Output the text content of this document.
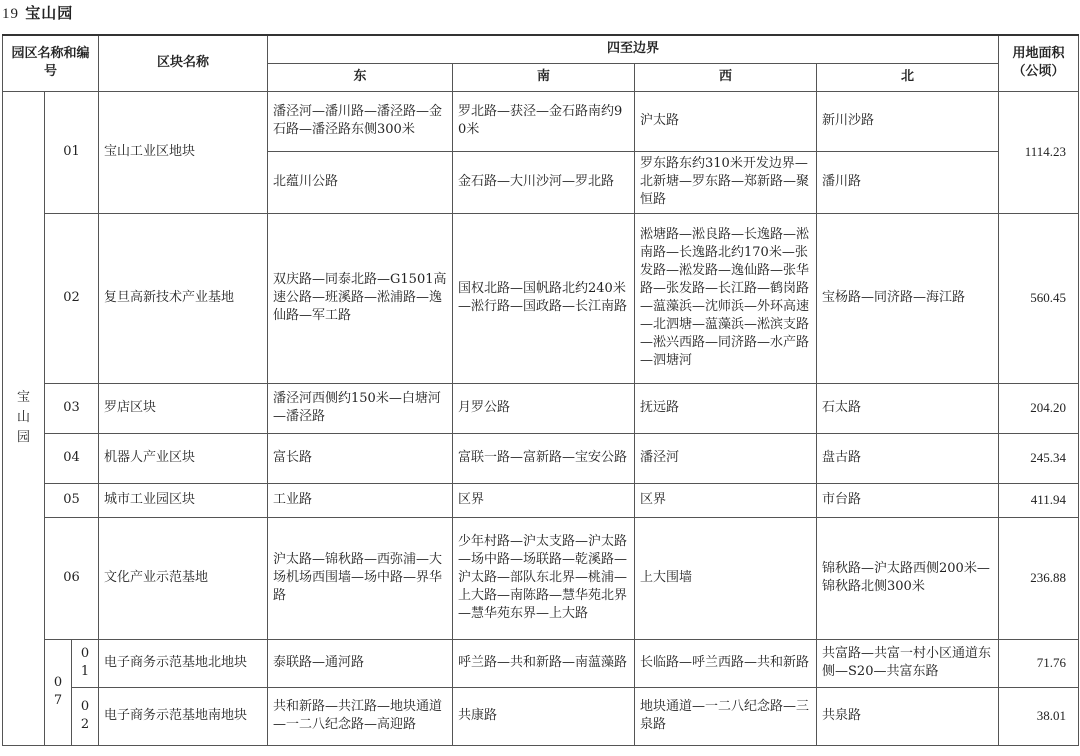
19 宝山园
园区名称和编号			区块名称	四至边界				用地面积（公顷）
				东	南	西	北	

宝
山
园	01		宝山工业区地块	潘泾河—潘川路—潘泾路—金石路—潘泾路东侧300米	罗北路—获泾—金石路南约90米	沪太路	新川沙路	1114.23
				北蕴川公路	金石路—大川沙河—罗北路	罗东路东约310米开发边界—北新塘—罗东路—郑新路—聚恒路	潘川路	
	02		复旦高新技术产业基地	双庆路—同泰北路—G1501高速公路—班溪路—淞浦路—逸仙路—军工路	国权北路—国帆路北约240米—淞行路—国政路—长江南路	淞塘路—淞良路—长逸路—淞南路—长逸路北约170米—张发路—淞发路—逸仙路—张华路—张发路—长江路—鹤岗路—蕰藻浜—沈师浜—外环高速—北泗塘—蕰藻浜—淞滨支路—淞兴西路—同济路—水产路—泗塘河	宝杨路—同济路—海江路	560.45
	03		罗店区块	潘泾河西侧约150米—白塘河—潘泾路	月罗公路	抚远路	石太路	204.20
	04		机器人产业区块	富长路	富联一路—富新路—宝安公路	潘泾河	盘古路	245.34
	05		城市工业园区块	工业路	区界	区界	市台路	411.94
	06		文化产业示范基地	沪太路—锦秋路—西弥浦—大场机场西围墙—场中路—界华路	少年村路—沪太支路—沪太路—场中路—场联路—乾溪路—沪太路—部队东北界—桃浦—上大路—南陈路—慧华苑北界—慧华苑东界—上大路	上大围墙	锦秋路—沪太路西侧200米—锦秋路北侧300米	236.88
	07	01	电子商务示范基地北地块	泰联路—通河路	呼兰路—共和新路—南蕰藻路	长临路—呼兰西路—共和新路	共富路—共富一村小区通道东侧—S20—共富东路	71.76
		02	电子商务示范基地南地块	共和新路—共江路—地块通道—一二八纪念路—高迎路	共康路	地块通道—一二八纪念路—三泉路	共泉路	38.01
